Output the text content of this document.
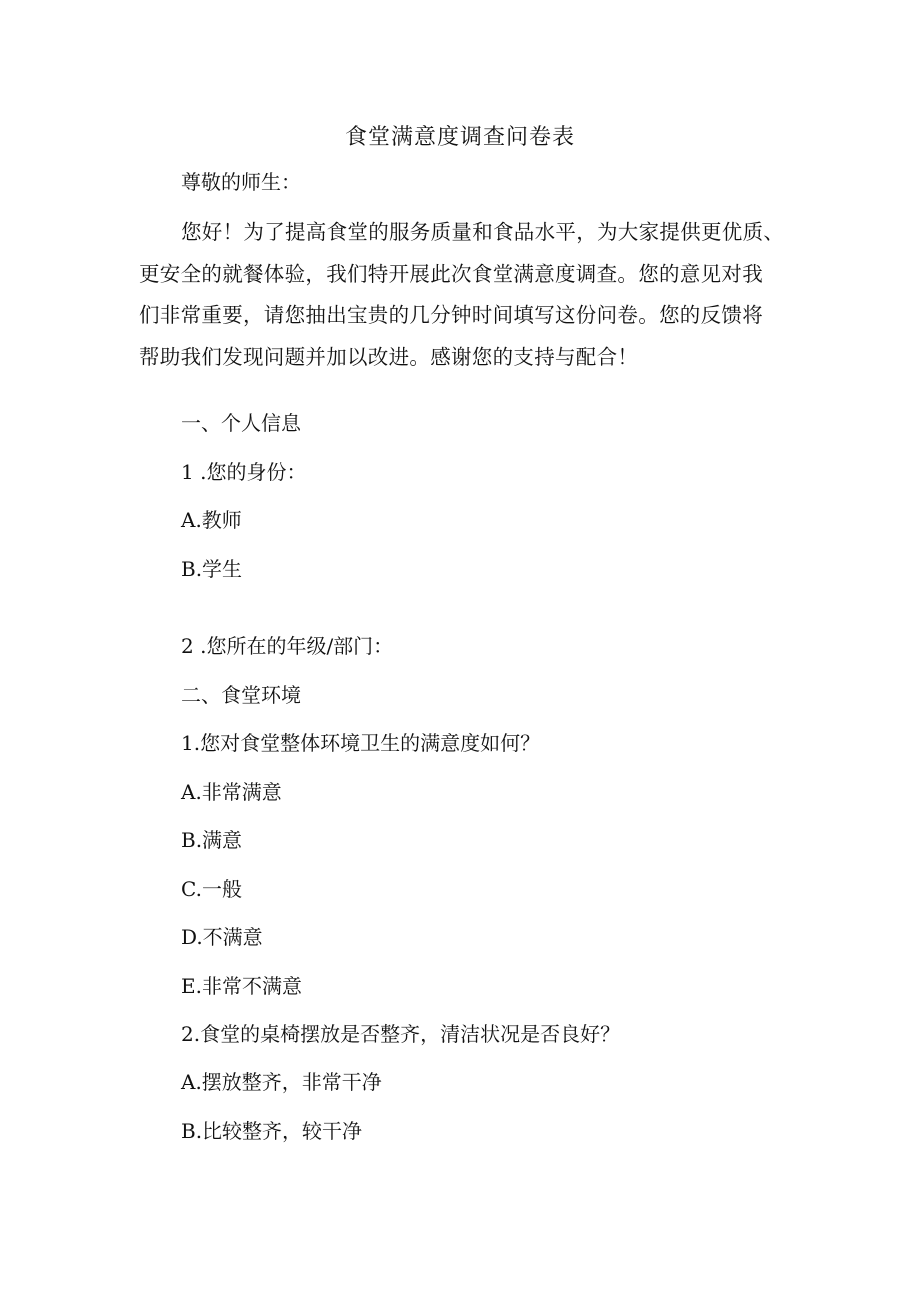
食堂满意度调查问卷表

尊敬的师生：

您好！为了提高食堂的服务质量和食品水平，为大家提供更优质、
更安全的就餐体验，我们特开展此次食堂满意度调查。您的意见对我
们非常重要，请您抽出宝贵的几分钟时间填写这份问卷。您的反馈将
帮助我们发现问题并加以改进。感谢您的支持与配合！

一、个人信息

1 .您的身份：

A.教师

B.学生

2 .您所在的年级/部门：

二、食堂环境

1.您对食堂整体环境卫生的满意度如何？

A.非常满意

B.满意

C.一般

D.不满意

E.非常不满意

2.食堂的桌椅摆放是否整齐，清洁状况是否良好？

A.摆放整齐，非常干净

B.比较整齐，较干净
